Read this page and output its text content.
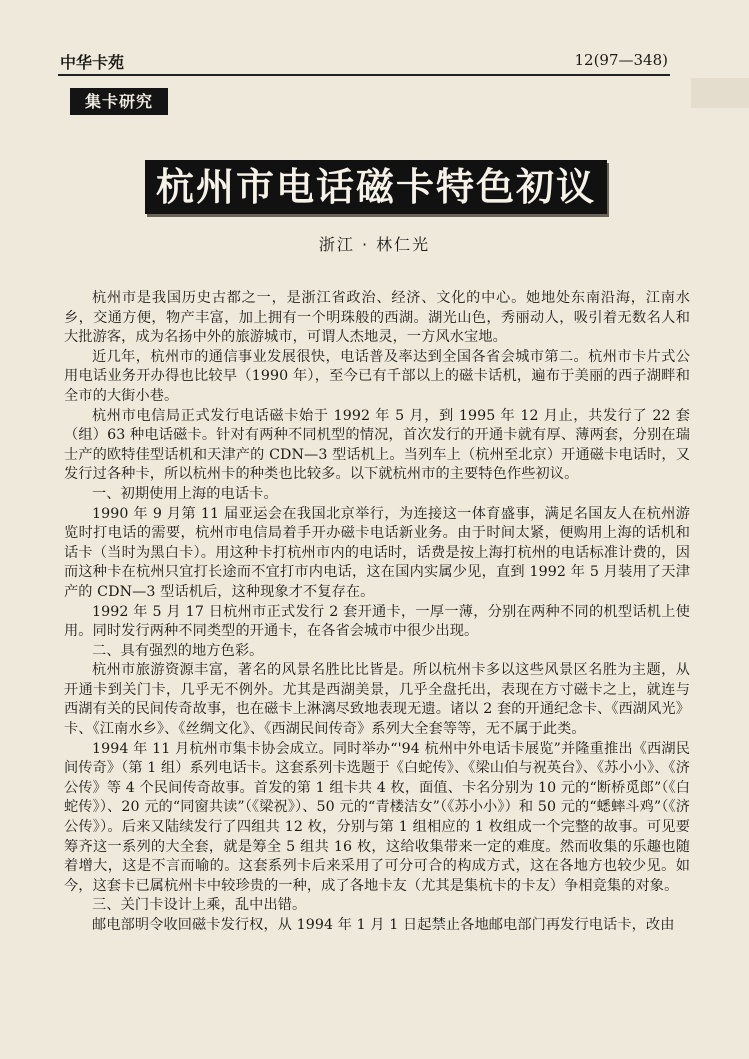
中华卡苑	12(97—348)
集卡研究
杭州市电话磁卡特色初议
浙江 · 林仁光

杭州市是我国历史古都之一，是浙江省政治、经济、文化的中心。她地处东南沿海，江南水乡，交通方便，物产丰富，加上拥有一个明珠般的西湖。湖光山色，秀丽动人，吸引着无数名人和大批游客，成为名扬中外的旅游城市，可谓人杰地灵，一方风水宝地。

近几年，杭州市的通信事业发展很快，电话普及率达到全国各省会城市第二。杭州市卡片式公用电话业务开办得也比较早（1990 年），至今已有千部以上的磁卡话机，遍布于美丽的西子湖畔和全市的大街小巷。

杭州市电信局正式发行电话磁卡始于 1992 年 5 月，到 1995 年 12 月止，共发行了 22 套（组）63 种电话磁卡。针对有两种不同机型的情况，首次发行的开通卡就有厚、薄两套，分别在瑞士产的欧特佳型话机和天津产的 CDN—3 型话机上。当列车上（杭州至北京）开通磁卡电话时，又发行过各种卡，所以杭州卡的种类也比较多。以下就杭州市的主要特色作些初议。

一、初期使用上海的电话卡。

1990 年 9 月第 11 届亚运会在我国北京举行，为连接这一体育盛事，满足名国友人在杭州游览时打电话的需要，杭州市电信局着手开办磁卡电话新业务。由于时间太紧，便购用上海的话机和话卡（当时为黑白卡）。用这种卡打杭州市内的电话时，话费是按上海打杭州的电话标准计费的，因而这种卡在杭州只宜打长途而不宜打市内电话，这在国内实属少见，直到 1992 年 5 月装用了天津产的 CDN—3 型话机后，这种现象才不复存在。

1992 年 5 月 17 日杭州市正式发行 2 套开通卡，一厚一薄，分别在两种不同的机型话机上使用。同时发行两种不同类型的开通卡，在各省会城市中很少出现。

二、具有强烈的地方色彩。

杭州市旅游资源丰富，著名的风景名胜比比皆是。所以杭州卡多以这些风景区名胜为主题，从开通卡到关门卡，几乎无不例外。尤其是西湖美景，几乎全盘托出，表现在方寸磁卡之上，就连与西湖有关的民间传奇故事，也在磁卡上淋漓尽致地表现无遗。诸以 2 套的开通纪念卡、《西湖风光》卡、《江南水乡》、《丝绸文化》、《西湖民间传奇》系列大全套等等，无不属于此类。

1994 年 11 月杭州市集卡协会成立。同时举办“'94 杭州中外电话卡展览”并隆重推出《西湖民间传奇》（第 1 组）系列电话卡。这套系列卡选题于《白蛇传》、《梁山伯与祝英台》、《苏小小》、《济公传》等 4 个民间传奇故事。首发的第 1 组卡共 4 枚，面值、卡名分别为 10 元的“断桥觅郎”（《白蛇传》）、20 元的“同窗共读”（《梁祝》）、50 元的“青楼洁女”（《苏小小》）和 50 元的“蟋蟀斗鸡”（《济公传》）。后来又陆续发行了四组共 12 枚，分别与第 1 组相应的 1 枚组成一个完整的故事。可见要筹齐这一系列的大全套，就是筹全 5 组共 16 枚，这给收集带来一定的难度。然而收集的乐趣也随着增大，这是不言而喻的。这套系列卡后来采用了可分可合的构成方式，这在各地方也较少见。如今，这套卡已属杭州卡中较珍贵的一种，成了各地卡友（尤其是集杭卡的卡友）争相竞集的对象。

三、关门卡设计上乘，乱中出错。

邮电部明令收回磁卡发行权，从 1994 年 1 月 1 日起禁止各地邮电部门再发行电话卡，改由
